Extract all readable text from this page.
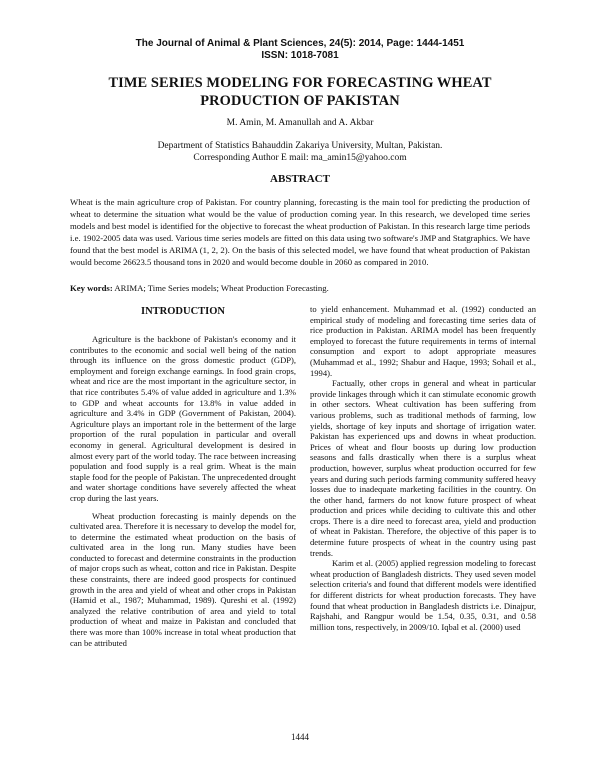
The Journal of Animal & Plant Sciences, 24(5): 2014, Page: 1444-1451
ISSN: 1018-7081
TIME SERIES MODELING FOR FORECASTING WHEAT PRODUCTION OF PAKISTAN
M. Amin, M. Amanullah and A. Akbar
Department of Statistics Bahauddin Zakariya University, Multan, Pakistan.
Corresponding Author E mail: ma_amin15@yahoo.com
ABSTRACT

Wheat is the main agriculture crop of Pakistan. For country planning, forecasting is the main tool for predicting the production of wheat to determine the situation what would be the value of production coming year. In this research, we developed time series models and best model is identified for the objective to forecast the wheat production of Pakistan. In this research large time periods i.e. 1902-2005 data was used. Various time series models are fitted on this data using two software's JMP and Statgraphics. We have found that the best model is ARIMA (1, 2, 2). On the basis of this selected model, we have found that wheat production of Pakistan would become 26623.5 thousand tons in 2020 and would become double in 2060 as compared in 2010.

Key words: ARIMA; Time Series models; Wheat Production Forecasting.

INTRODUCTION

Agriculture is the backbone of Pakistan's economy and it contributes to the economic and social well being of the nation through its influence on the gross domestic product (GDP), employment and foreign exchange earnings. In food grain crops, wheat and rice are the most important in the agriculture sector, in that rice contributes 5.4% of value added in agriculture and 1.3% to GDP and wheat accounts for 13.8% in value added in agriculture and 3.4% in GDP (Government of Pakistan, 2004). Agriculture plays an important role in the betterment of the large proportion of the rural population in particular and overall economy in general. Agricultural development is desired in almost every part of the world today. The race between increasing population and food supply is a real grim. Wheat is the main staple food for the people of Pakistan. The unprecedented drought and water shortage conditions have severely affected the wheat crop during the last years.

Wheat production forecasting is mainly depends on the cultivated area. Therefore it is necessary to develop the model for, to determine the estimated wheat production on the basis of cultivated area in the long run. Many studies have been conducted to forecast and determine constraints in the production of major crops such as wheat, cotton and rice in Pakistan. Despite these constraints, there are indeed good prospects for continued growth in the area and yield of wheat and other crops in Pakistan (Hamid et al., 1987; Muhammad, 1989). Qureshi et al. (1992) analyzed the relative contribution of area and yield to total production of wheat and maize in Pakistan and concluded that there was more than 100% increase in total wheat production that can be attributed

to yield enhancement. Muhammad et al. (1992) conducted an empirical study of modeling and forecasting time series data of rice production in Pakistan. ARIMA model has been frequently employed to forecast the future requirements in terms of internal consumption and export to adopt appropriate measures (Muhammad et al., 1992; Shabur and Haque, 1993; Sohail et al., 1994).

Factually, other crops in general and wheat in particular provide linkages through which it can stimulate economic growth in other sectors. Wheat cultivation has been suffering from various problems, such as traditional methods of farming, low yields, shortage of key inputs and shortage of irrigation water. Pakistan has experienced ups and downs in wheat production. Prices of wheat and flour boosts up during low production seasons and falls drastically when there is a surplus wheat production, however, surplus wheat production occurred for few years and during such periods farming community suffered heavy losses due to inadequate marketing facilities in the country. On the other hand, farmers do not know future prospect of wheat production and prices while deciding to cultivate this and other crops. There is a dire need to forecast area, yield and production of wheat in Pakistan. Therefore, the objective of this paper is to determine future prospects of wheat in the country using past trends.

Karim et al. (2005) applied regression modeling to forecast wheat production of Bangladesh districts. They used seven model selection criteria's and found that different models were identified for different districts for wheat production forecasts. They have found that wheat production in Bangladesh districts i.e. Dinajpur, Rajshahi, and Rangpur would be 1.54, 0.35, 0.31, and 0.58 million tons, respectively, in 2009/10. Iqbal et al. (2000) used

1444
